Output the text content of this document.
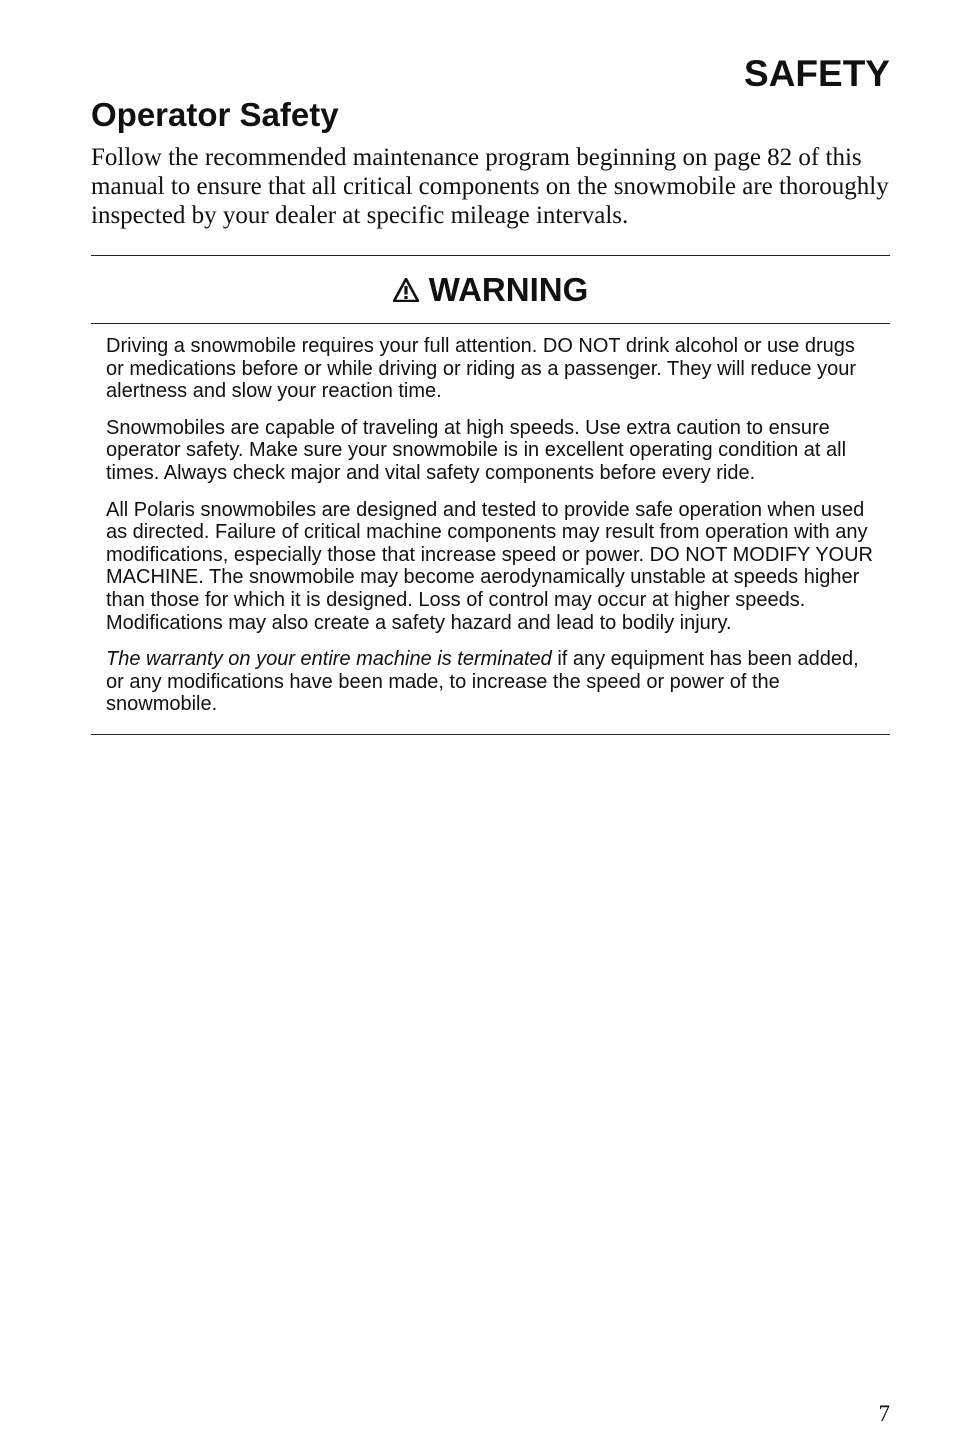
SAFETY
Operator Safety

Follow the recommended maintenance program beginning on page 82 of this manual to ensure that all critical components on the snowmobile are thoroughly inspected by your dealer at specific mileage intervals.

WARNING

Driving a snowmobile requires your full attention. DO NOT drink alcohol or use drugs or medications before or while driving or riding as a passenger. They will reduce your alertness and slow your reaction time.

Snowmobiles are capable of traveling at high speeds. Use extra caution to ensure operator safety. Make sure your snowmobile is in excellent operating condition at all times. Always check major and vital safety components before every ride.

All Polaris snowmobiles are designed and tested to provide safe operation when used as directed. Failure of critical machine components may result from operation with any modifications, especially those that increase speed or power. DO NOT MODIFY YOUR MACHINE. The snowmobile may become aerodynamically unstable at speeds higher than those for which it is designed. Loss of control may occur at higher speeds. Modifications may also create a safety hazard and lead to bodily injury.

The warranty on your entire machine is terminated if any equipment has been added, or any modifications have been made, to increase the speed or power of the snowmobile.

7
